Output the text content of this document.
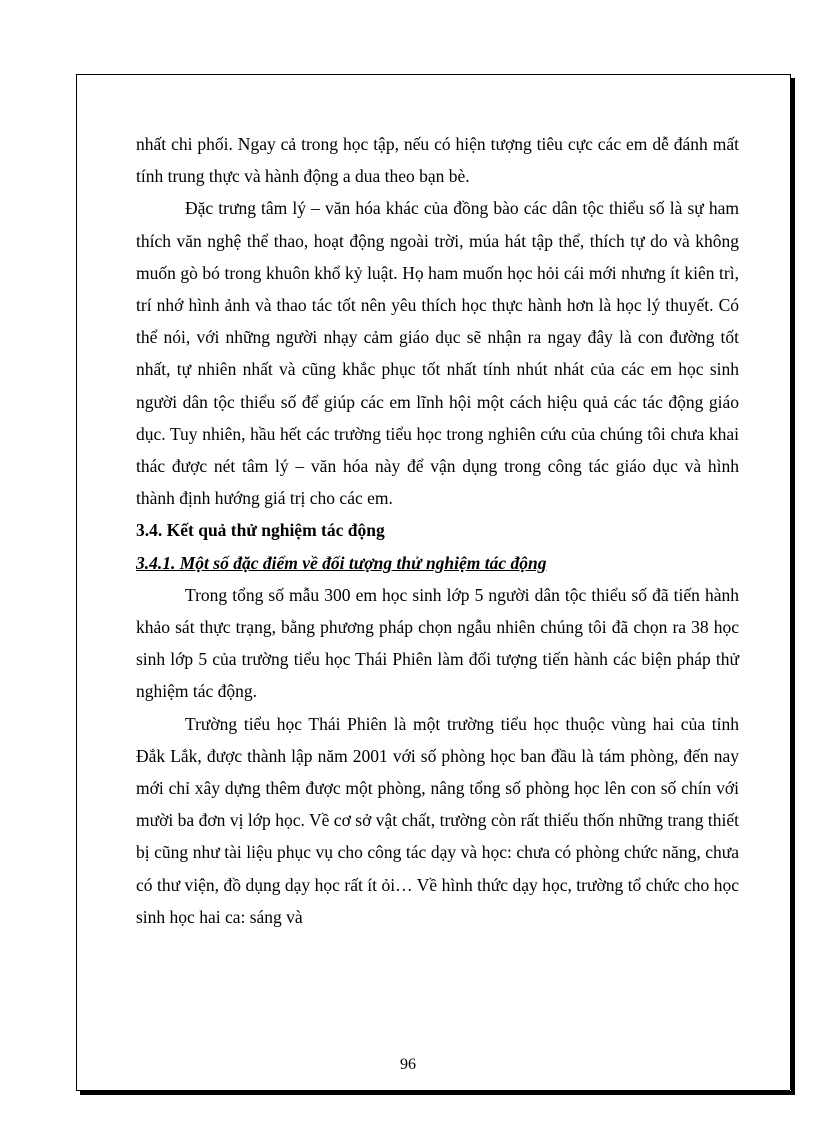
nhất chi phối. Ngay cả trong học tập, nếu có hiện tượng tiêu cực các em dễ đánh mất tính trung thực và hành động a dua theo bạn bè.

Đặc trưng tâm lý – văn hóa khác của đồng bào các dân tộc thiểu số là sự ham thích văn nghệ thể thao, hoạt động ngoài trời, múa hát tập thể, thích tự do và không muốn gò bó trong khuôn khổ kỷ luật. Họ ham muốn học hỏi cái mới nhưng ít kiên trì, trí nhớ hình ảnh và thao tác tốt nên yêu thích học thực hành hơn là học lý thuyết. Có thể nói, với những người nhạy cảm giáo dục sẽ nhận ra ngay đây là con đường tốt nhất, tự nhiên nhất và cũng khắc phục tốt nhất tính nhút nhát của các em học sinh người dân tộc thiểu số để giúp các em lĩnh hội một cách hiệu quả các tác động giáo dục. Tuy nhiên, hầu hết các trường tiểu học trong nghiên cứu của chúng tôi chưa khai thác được nét tâm lý – văn hóa này để vận dụng trong công tác giáo dục và hình thành định hướng giá trị cho các em.

3.4. Kết quả thử nghiệm tác động

3.4.1. Một số đặc điểm về đối tượng thử nghiệm tác động

Trong tổng số mẫu 300 em học sinh lớp 5 người dân tộc thiểu số đã tiến hành khảo sát thực trạng, bằng phương pháp chọn ngẫu nhiên chúng tôi đã chọn ra 38 học sinh lớp 5 của trường tiểu học Thái Phiên làm đối tượng tiến hành các biện pháp thử nghiệm tác động.

Trường tiểu học Thái Phiên là một trường tiểu học thuộc vùng hai của tỉnh Đắk Lắk, được thành lập năm 2001 với số phòng học ban đầu là tám phòng, đến nay mới chỉ xây dựng thêm được một phòng, nâng tổng số phòng học lên con số chín với mười ba đơn vị lớp học. Về cơ sở vật chất, trường còn rất thiếu thốn những trang thiết bị cũng như tài liệu phục vụ cho công tác dạy và học: chưa có phòng chức năng, chưa có thư viện, đồ dụng dạy học rất ít ỏi… Về hình thức dạy học, trường tổ chức cho học sinh học hai ca: sáng và

96
